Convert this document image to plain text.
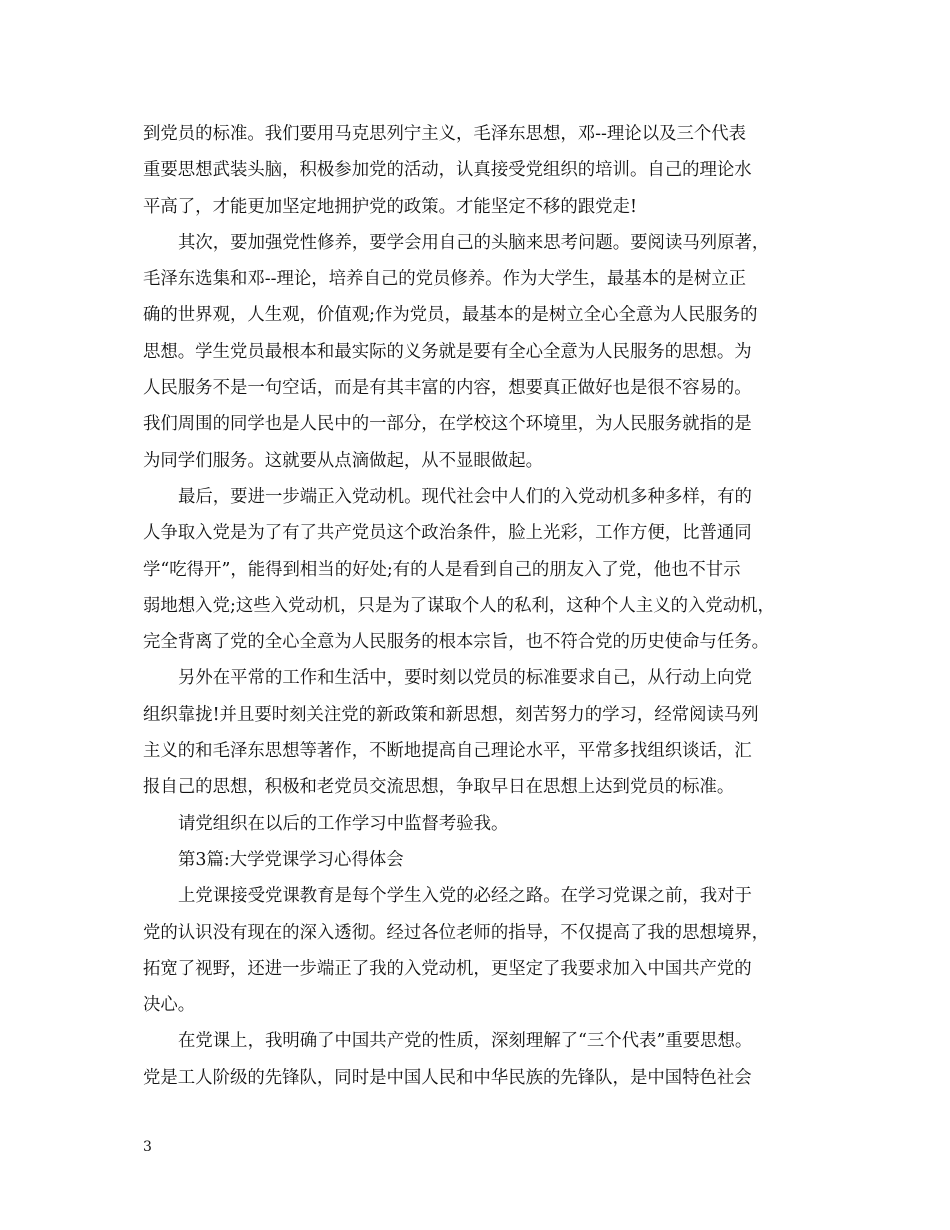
到党员的标准。我们要用马克思列宁主义，毛泽东思想，邓--理论以及三个代表
重要思想武装头脑，积极参加党的活动，认真接受党组织的培训。自己的理论水
平高了，才能更加坚定地拥护党的政策。才能坚定不移的跟党走!
其次，要加强党性修养，要学会用自己的头脑来思考问题。要阅读马列原著，
毛泽东选集和邓--理论，培养自己的党员修养。作为大学生，最基本的是树立正
确的世界观，人生观，价值观;作为党员，最基本的是树立全心全意为人民服务的
思想。学生党员最根本和最实际的义务就是要有全心全意为人民服务的思想。为
人民服务不是一句空话，而是有其丰富的内容，想要真正做好也是很不容易的。
我们周围的同学也是人民中的一部分，在学校这个环境里，为人民服务就指的是
为同学们服务。这就要从点滴做起，从不显眼做起。
最后，要进一步端正入党动机。现代社会中人们的入党动机多种多样，有的
人争取入党是为了有了共产党员这个政治条件，脸上光彩，工作方便，比普通同
学“吃得开”，能得到相当的好处;有的人是看到自己的朋友入了党，他也不甘示
弱地想入党;这些入党动机，只是为了谋取个人的私利，这种个人主义的入党动机，
完全背离了党的全心全意为人民服务的根本宗旨，也不符合党的历史使命与任务。
另外在平常的工作和生活中，要时刻以党员的标准要求自己，从行动上向党
组织靠拢!并且要时刻关注党的新政策和新思想，刻苦努力的学习，经常阅读马列
主义的和毛泽东思想等著作，不断地提高自己理论水平，平常多找组织谈话，汇
报自己的思想，积极和老党员交流思想，争取早日在思想上达到党员的标准。
请党组织在以后的工作学习中监督考验我。
第3篇:大学党课学习心得体会
上党课接受党课教育是每个学生入党的必经之路。在学习党课之前，我对于
党的认识没有现在的深入透彻。经过各位老师的指导，不仅提高了我的思想境界，
拓宽了视野，还进一步端正了我的入党动机，更坚定了我要求加入中国共产党的
决心。
在党课上，我明确了中国共产党的性质，深刻理解了“三个代表”重要思想。
党是工人阶级的先锋队，同时是中国人民和中华民族的先锋队，是中国特色社会
3
